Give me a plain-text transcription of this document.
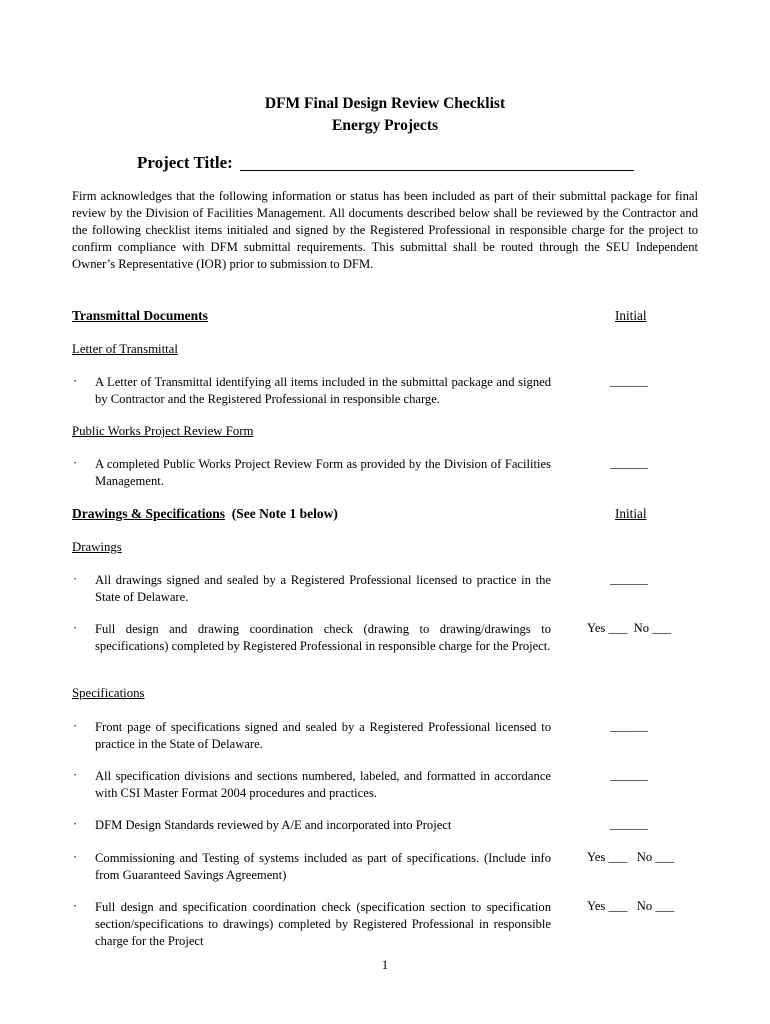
DFM Final Design Review Checklist
Energy Projects
Project Title:
Firm acknowledges that the following information or status has been included as part of their submittal package for final review by the Division of Facilities Management. All documents described below shall be reviewed by the Contractor and the following checklist items initialed and signed by the Registered Professional in responsible charge for the project to confirm compliance with DFM submittal requirements. This submittal shall be routed through the SEU Independent Owner’s Representative (IOR) prior to submission to DFM.
Transmittal Documents	Initial
Letter of Transmittal
· A Letter of Transmittal identifying all items included in the submittal package and signed by Contractor and the Registered Professional in responsible charge.
______
Public Works Project Review Form
· A completed Public Works Project Review Form as provided by the Division of Facilities Management.
______
Drawings & Specifications (See Note 1 below)	Initial
Drawings
· All drawings signed and sealed by a Registered Professional licensed to practice in the State of Delaware.
______
· Full design and drawing coordination check (drawing to drawing/drawings to specifications) completed by Registered Professional in responsible charge for the Project.
Yes ___  No ___
Specifications
· Front page of specifications signed and sealed by a Registered Professional licensed to practice in the State of Delaware.
______
· All specification divisions and sections numbered, labeled, and formatted in accordance with CSI Master Format 2004 procedures and practices.
______
· DFM Design Standards reviewed by A/E and incorporated into Project	______
· Commissioning and Testing of systems included as part of specifications. (Include info from Guaranteed Savings Agreement)
Yes ___   No ___
· Full design and specification coordination check (specification section to specification section/specifications to drawings) completed by Registered Professional in responsible charge for the Project
Yes ___   No ___
1
